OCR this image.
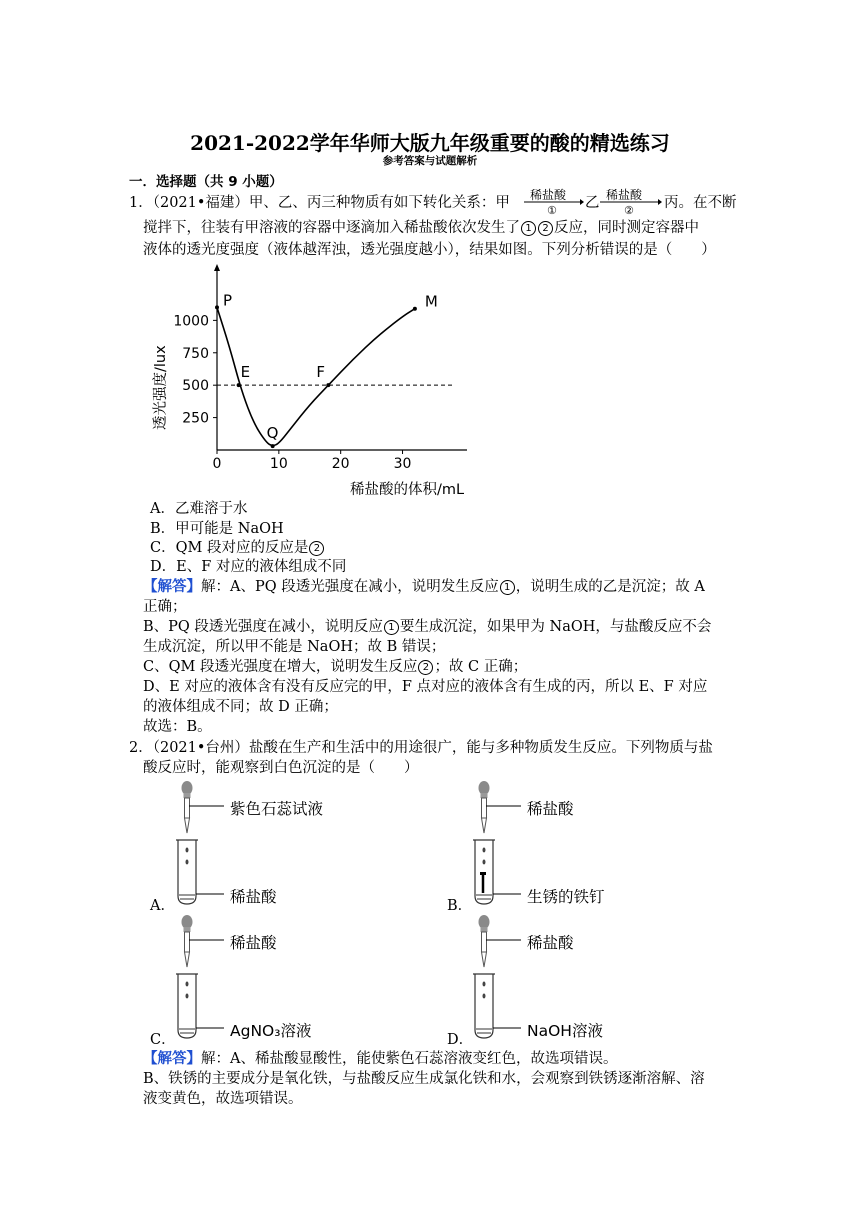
2021-2022学年华师大版九年级重要的酸的精选练习
参考答案与试题解析
一．选择题（共 9 小题）
1．（2021•福建）甲、乙、丙三种物质有如下转化关系：甲 稀盐酸
① 乙 稀盐酸
② 丙。在不断
搅拌下，往装有甲溶液的容器中逐滴加入稀盐酸依次发生了 1 2 反应，同时测定容器中
液体的透光度强度（液体越浑浊，透光强度越小），结果如图。下列分析错误的是（　　）
250
500
750
1000
0	10	20	30
P
E
Q
F
M
稀盐酸的体积/mL
透光强度/lux
A．乙难溶于水
B．甲可能是 NaOH
C．QM 段对应的反应是 2
D．E、F 对应的液体组成不同
【解答】解：A、PQ 段透光强度在减小，说明发生反应 1 ，说明生成的乙是沉淀；故 A
正确；
B、PQ 段透光强度在减小，说明反应 1 要生成沉淀，如果甲为 NaOH，与盐酸反应不会
生成沉淀，所以甲不能是 NaOH；故 B 错误；
C、QM 段透光强度在增大，说明发生反应 2 ；故 C 正确；
D、E 对应的液体含有没有反应完的甲，F 点对应的液体含有生成的丙，所以 E、F 对应
的液体组成不同；故 D 正确；
故选：B。
2．（2021•台州）盐酸在生产和生活中的用途很广，能与多种物质发生反应。下列物质与盐
酸反应时，能观察到白色沉淀的是（　　）
A．
紫色石蕊试液
稀盐酸	B．
稀盐酸
生锈的铁钉
C．
稀盐酸
AgNO₃溶液	D．
稀盐酸
NaOH溶液
【解答】解：A、稀盐酸显酸性，能使紫色石蕊溶液变红色，故选项错误。
B、铁锈的主要成分是氧化铁，与盐酸反应生成氯化铁和水，会观察到铁锈逐渐溶解、溶
液变黄色，故选项错误。
